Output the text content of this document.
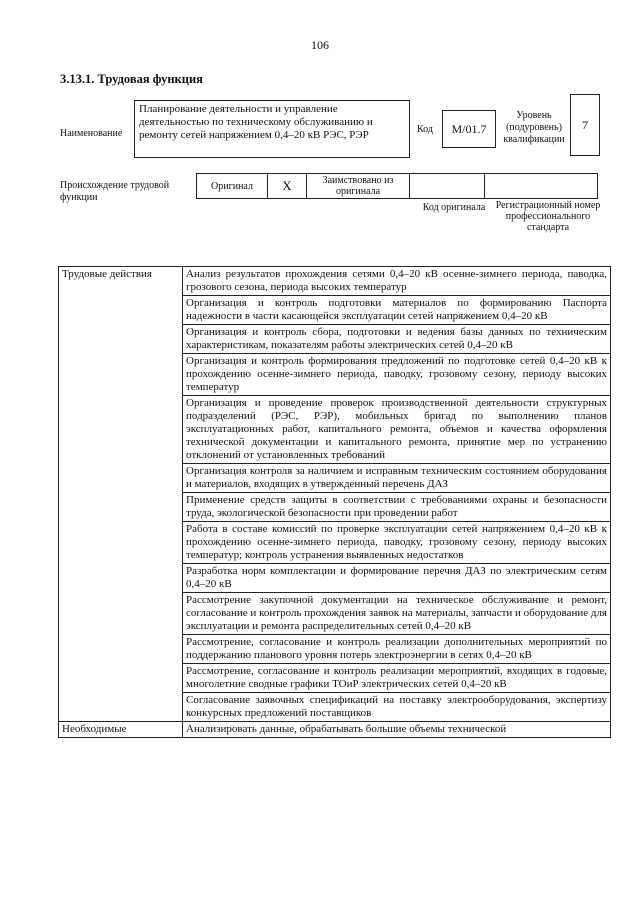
106
3.13.1. Трудовая функция
Наименование
Планирование деятельности и управление деятельностью по техническому обслуживанию и ремонту сетей напряжением 0,4–20 кВ РЭС, РЭР	Код	М/01.7
Уровень (подуровень) квалификации
7
Происхождение трудовой функции
Оригинал Х	Заимствовано из оригинала
Код оригинала	Регистрационный номер профессионального стандарта
Трудовые действия	Анализ результатов прохождения сетями 0,4–20 кВ осенне-зимнего периода, паводка, грозового сезона, периода высоких температур
	Организация и контроль подготовки материалов по формированию Паспорта надежности в части касающейся эксплуатации сетей напряжением 0,4–20 кВ
	Организация и контроль сбора, подготовки и ведения базы данных по техническим характеристикам, показателям работы электрических сетей 0,4–20 кВ
	Организация и контроль формирования предложений по подготовке сетей 0,4–20 кВ к прохождению осенне-зимнего периода, паводку, грозовому сезону, периоду высоких температур
	Организация и проведение проверок производственной деятельности структурных подразделений (РЭС, РЭР), мобильных бригад по выполнению планов эксплуатационных работ, капитального ремонта, объемов и качества оформления технической документации и капитального ремонта, принятие мер по устранению отклонений от установленных требований
	Организация контроля за наличием и исправным техническим состоянием оборудования и материалов, входящих в утвержденный перечень ДАЗ
	Применение средств защиты в соответствии с требованиями охраны и безопасности труда, экологической безопасности при проведении работ
	Работа в составе комиссий по проверке эксплуатации сетей напряжением 0,4–20 кВ к прохождению осенне-зимнего периода, паводку, грозовому сезону, периоду высоких температур; контроль устранения выявленных недостатков
	Разработка норм комплектации и формирование перечня ДАЗ по электрическим сетям 0,4–20 кВ
	Рассмотрение закупочной документации на техническое обслуживание и ремонт, согласование и контроль прохождения заявок на материалы, запчасти и оборудование для эксплуатации и ремонта распределительных сетей 0,4–20 кВ
	Рассмотрение, согласование и контроль реализации дополнительных мероприятий по поддержанию планового уровня потерь электроэнергии в сетях 0,4–20 кВ
	Рассмотрение, согласование и контроль реализации мероприятий, входящих в годовые, многолетние сводные графики ТОиР электрических сетей 0,4–20 кВ
	Согласование заявочных спецификаций на поставку электрооборудования, экспертизу конкурсных предложений поставщиков
Необходимые	Анализировать данные, обрабатывать большие объемы технической
